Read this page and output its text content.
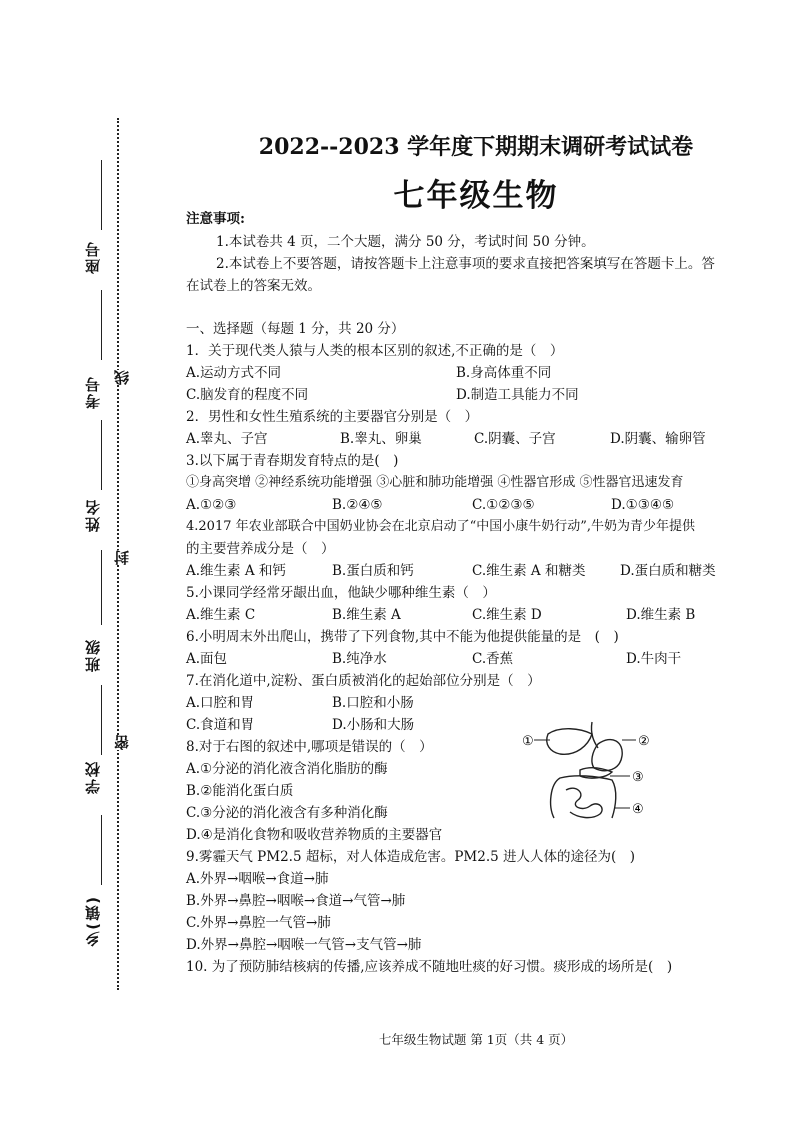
座号
考号
姓名
班级
学校
乡(镇)
线
封
密
2022--2023 学年度下期期末调研考试试卷
七年级生物
注意事项:
1.本试卷共 4 页，二个大题，满分 50 分，考试时间 50 分钟。
2.本试卷上不要答题，请按答题卡上注意事项的要求直接把答案填写在答题卡上。答
在试卷上的答案无效。
一、选择题（每题 1 分，共 20 分）
1．关于现代类人猿与人类的根本区别的叙述,不正确的是（　）
A.运动方式不同	B.身高体重不同
C.脑发育的程度不同	D.制造工具能力不同
2．男性和女性生殖系统的主要器官分别是（　）
A.睾丸、子宫	B.睾丸、卵巢	C.阴囊、子宫	D.阴囊、输卵管
3.以下属于青春期发育特点的是(　)
①身高突增 ②神经系统功能增强 ③心脏和肺功能增强 ④性器官形成 ⑤性器官迅速发育
A.①②③	B.②④⑤	C.①②③⑤	D.①③④⑤
4.2017 年农业部联合中国奶业协会在北京启动了“中国小康牛奶行动”,牛奶为青少年提供
的主要营养成分是（　）
A.维生素 A 和钙	B.蛋白质和钙	C.维生素 A 和糖类	D.蛋白质和糖类
5.小课同学经常牙龈出血，他缺少哪种维生素（　）
A.维生素 C	B.维生素 A	C.维生素 D	D.维生素 B
6.小明周末外出爬山，携带了下列食物,其中不能为他提供能量的是　(　)
A.面包	B.纯净水	C.香蕉	D.牛肉干
7.在消化道中,淀粉、蛋白质被消化的起始部位分别是（　）
A.口腔和胃	B.口腔和小肠
C.食道和胃	D.小肠和大肠
8.对于右图的叙述中,哪项是错误的（　）
A.①分泌的消化液含消化脂肪的酶
B.②能消化蛋白质
C.③分泌的消化液含有多种消化酶
D.④是消化食物和吸收营养物质的主要器官
①	②
③
④
9.雾霾天气 PM2.5 超标，对人体造成危害。PM2.5 进人人体的途径为(　)
A.外界→咽喉→食道→肺
B.外界→鼻腔→咽喉→食道→气管→肺
C.外界→鼻腔一气管→肺
D.外界→鼻腔→咽喉一气管→支气管→肺
10. 为了预防肺结核病的传播,应该养成不随地吐痰的好习惯。痰形成的场所是(　)
七年级生物试题 第 1页（共 4 页）
